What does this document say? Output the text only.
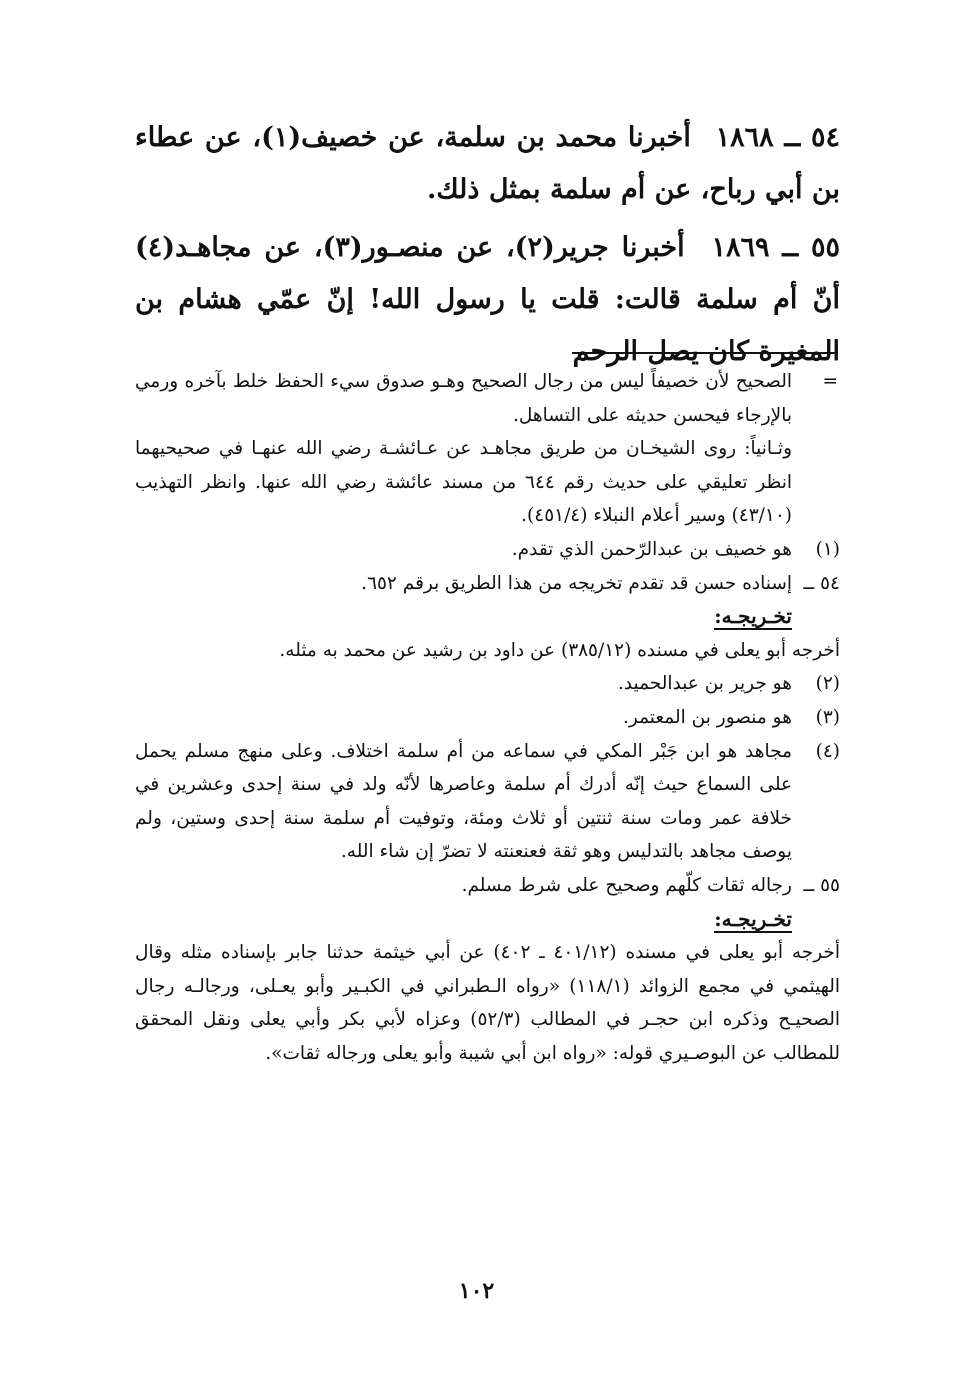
٥٤ ــ ١٨٦٨ أخبرنا محمد بن سلمة، عن خصيف(١)، عن عطاء بن أبي رباح، عن أم سلمة بمثل ذلك.

٥٥ ــ ١٨٦٩ أخبرنا جرير(٢)، عن منصـور(٣)، عن مجاهـد(٤) أنّ أم سلمة قالت: قلت يا رسول الله! إنّ عمّي هشام بن المغيرة كان يصل الرحم

=
الصحيح لأن خصيفاً ليس من رجال الصحيح وهـو صدوق سيء الحفظ خلط بآخره ورمي بالإرجاء فيحسن حديثه على التساهل.

وثـانياً: روى الشيخـان من طريق مجاهـد عن عـائشـة رضي الله عنهـا في صحيحيهما انظر تعليقي على حديث رقم ٦٤٤ من مسند عائشة رضي الله عنها. وانظر التهذيب (٤٣/١٠) وسير أعلام النبلاء (٤٥١/٤).

(١)
هو خصيف بن عبدالرّحمن الذي تقدم.

٥٤ ــ
إسناده حسن قد تقدم تخريجه من هذا الطريق برقم ٦٥٢.

تخـريجـه:

أخرجه أبو يعلى في مسنده (٣٨٥/١٢) عن داود بن رشيد عن محمد به مثله.

(٢)
هو جرير بن عبدالحميد.

(٣)
هو منصور بن المعتمر.

(٤)
مجاهد هو ابن جَبْر المكي في سماعه من أم سلمة اختلاف. وعلى منهج مسلم يحمل على السماع حيث إنّه أدرك أم سلمة وعاصرها لأنّه ولد في سنة إحدى وعشرين في خلافة عمر ومات سنة ثنتين أو ثلاث ومئة، وتوفيت أم سلمة سنة إحدى وستين، ولم يوصف مجاهد بالتدليس وهو ثقة فعنعنته لا تضرّ إن شاء الله.

٥٥ ــ
رجاله ثقات كلّهم وصحيح على شرط مسلم.

تخـريجـه:

أخرجه أبو يعلى في مسنده (٤٠١/١٢ ـ ٤٠٢) عن أبي خيثمة حدثنا جابر بإسناده مثله وقال الهيثمي في مجمع الزوائد (١١٨/١) «رواه الـطبراني في الكبـير وأبو يعـلى، ورجالـه رجال الصحيـح وذكره ابن حجـر في المطالب (٥٢/٣) وعزاه لأبي بكر وأبي يعلى ونقل المحقق للمطالب عن البوصـيري قوله: «رواه ابن أبي شيبة وأبو يعلى ورجاله ثقات».

١٠٢
